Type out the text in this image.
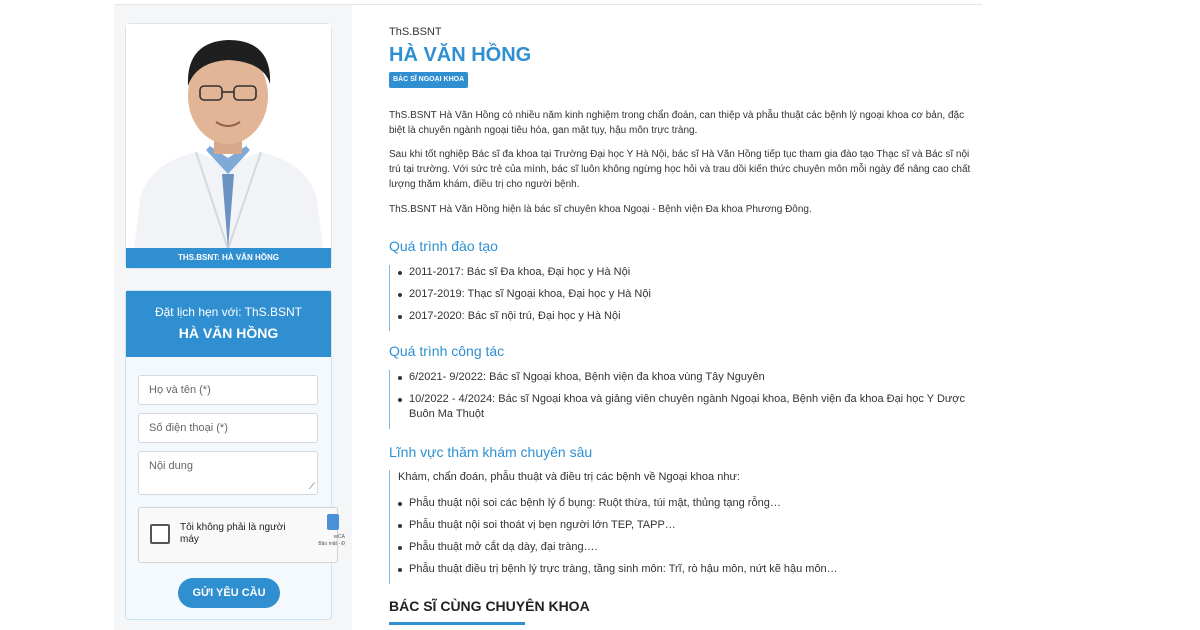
THS.BSNT: HÀ VĂN HỒNG
Đặt lịch hẹn với: ThS.BSNT
HÀ VĂN HỒNG
Họ và tên (*)
Số điện thoại (*)
Nội dung
⟋
Tôi không phải là người máy	reCA
Bảo mật - Đ
GỬI YÊU CẦU
ThS.BSNT
HÀ VĂN HỒNG
BÁC SĨ NGOẠI KHOA
ThS.BSNT Hà Văn Hồng có nhiều năm kinh nghiệm trong chẩn đoán, can thiệp và phẫu thuật các bệnh lý ngoại khoa cơ bản, đặc biệt là chuyên ngành ngoại tiêu hóa, gan mật tụy, hậu môn trực tràng.
Sau khi tốt nghiệp Bác sĩ đa khoa tại Trường Đại học Y Hà Nội, bác sĩ Hà Văn Hồng tiếp tục tham gia đào tạo Thạc sĩ và Bác sĩ nội trú tại trường. Với sức trẻ của mình, bác sĩ luôn không ngừng học hỏi và trau dồi kiến thức chuyên môn mỗi ngày để nâng cao chất lượng thăm khám, điều trị cho người bệnh.
ThS.BSNT Hà Văn Hồng hiện là bác sĩ chuyên khoa Ngoại - Bệnh viện Đa khoa Phương Đông.
Quá trình đào tạo
2011-2017: Bác sĩ Đa khoa, Đại học y Hà Nội
2017-2019: Thạc sĩ Ngoại khoa, Đại học y Hà Nội
2017-2020: Bác sĩ nội trú, Đại học y Hà Nội
Quá trình công tác
6/2021- 9/2022: Bác sĩ Ngoại khoa, Bệnh viện đa khoa vùng Tây Nguyên
10/2022 - 4/2024: Bác sĩ Ngoại khoa và giảng viên chuyên ngành Ngoại khoa, Bệnh viện đa khoa Đại học Y Dược Buôn Ma Thuột
Lĩnh vực thăm khám chuyên sâu
Khám, chẩn đoán, phẫu thuật và điều trị các bệnh về Ngoại khoa như:
Phẫu thuật nội soi các bệnh lý ổ bụng: Ruột thừa, túi mật, thủng tạng rỗng…
Phẫu thuật nội soi thoát vị bẹn người lớn TEP, TAPP…
Phẫu thuật mở cắt dạ dày, đại tràng….
Phẫu thuật điều trị bệnh lý trực tràng, tầng sinh môn: Trĩ, rò hậu môn, nứt kẽ hậu môn…
BÁC SĨ CÙNG CHUYÊN KHOA
